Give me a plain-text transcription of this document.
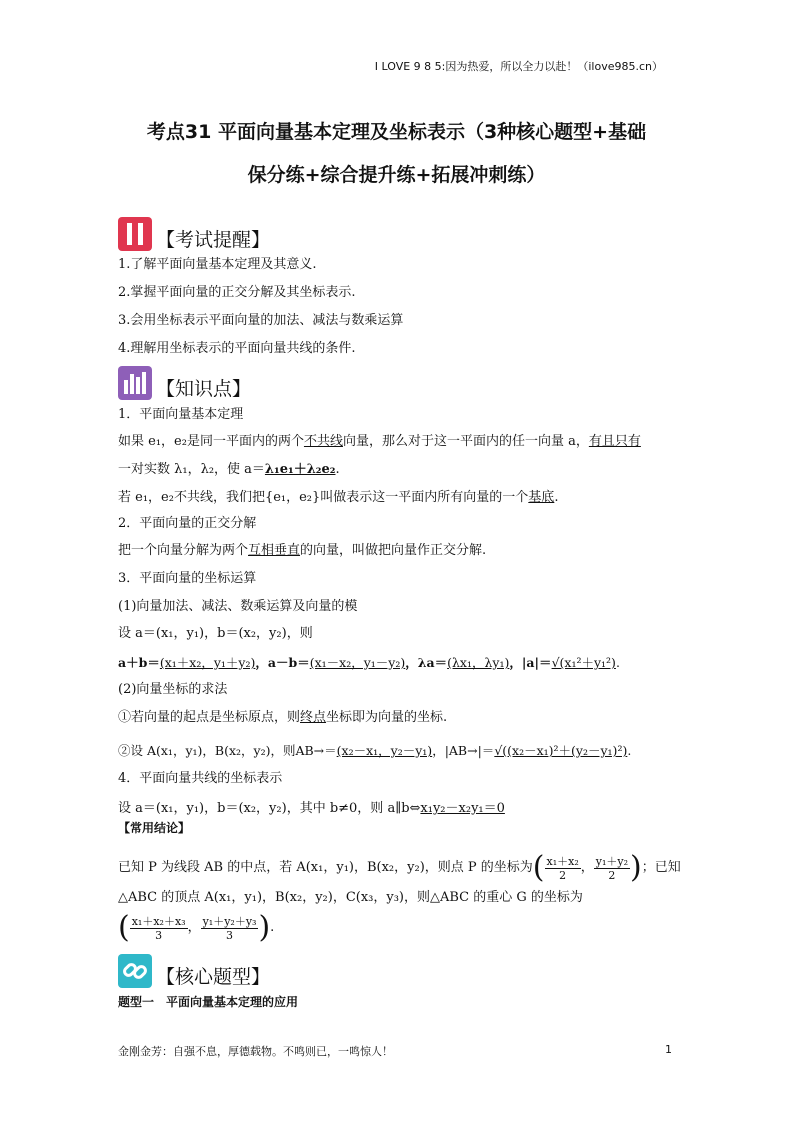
I LOVE 9 8 5:因为热爱，所以全力以赴！（ilove985.cn）
考点31 平面向量基本定理及坐标表示（3种核心题型+基础
保分练+综合提升练+拓展冲刺练）
【考试提醒】
1.了解平面向量基本定理及其意义.
2.掌握平面向量的正交分解及其坐标表示.
3.会用坐标表示平面向量的加法、减法与数乘运算
4.理解用坐标表示的平面向量共线的条件.
【知识点】
1．平面向量基本定理
如果 e₁，e₂是同一平面内的两个不共线向量，那么对于这一平面内的任一向量 a，有且只有
一对实数 λ₁，λ₂，使 a＝λ₁e₁＋λ₂e₂.
若 e₁，e₂不共线，我们把{e₁，e₂}叫做表示这一平面内所有向量的一个基底.
2．平面向量的正交分解
把一个向量分解为两个互相垂直的向量，叫做把向量作正交分解.
3．平面向量的坐标运算
(1)向量加法、减法、数乘运算及向量的模
设 a＝(x₁，y₁)，b＝(x₂，y₂)，则
a＋b＝(x₁＋x₂，y₁＋y₂)，a－b＝(x₁－x₂，y₁－y₂)，λa＝(λx₁，λy₁)，|a|＝√(x₁²＋y₁²).
(2)向量坐标的求法
①若向量的起点是坐标原点，则终点坐标即为向量的坐标.
②设 A(x₁，y₁)，B(x₂，y₂)，则AB→＝(x₂－x₁，y₂－y₁)，|AB→|＝√((x₂－x₁)²＋(y₂－y₁)²).
4．平面向量共线的坐标表示
设 a＝(x₁，y₁)，b＝(x₂，y₂)，其中 b≠0，则 a∥b⇔x₁y₂－x₂y₁＝0
【常用结论】
已知 P 为线段 AB 的中点，若 A(x₁，y₁)，B(x₂，y₂)，则点 P 的坐标为 ( $\frac{\text{x₁＋x₂}}{2}$ ， $\frac{\text{y₁＋y₂}}{2}$ ) ；已知
△ABC 的顶点 A(x₁，y₁)，B(x₂，y₂)，C(x₃，y₃)，则△ABC 的重心 G 的坐标为
( $\frac{\text{x₁＋x₂＋x₃}}{3}$ ， $\frac{\text{y₁＋y₂＋y₃}}{3}$ ) .
【核心题型】
题型一　平面向量基本定理的应用
金刚金芳：自强不息，厚德载物。不鸣则已，一鸣惊人！	1
